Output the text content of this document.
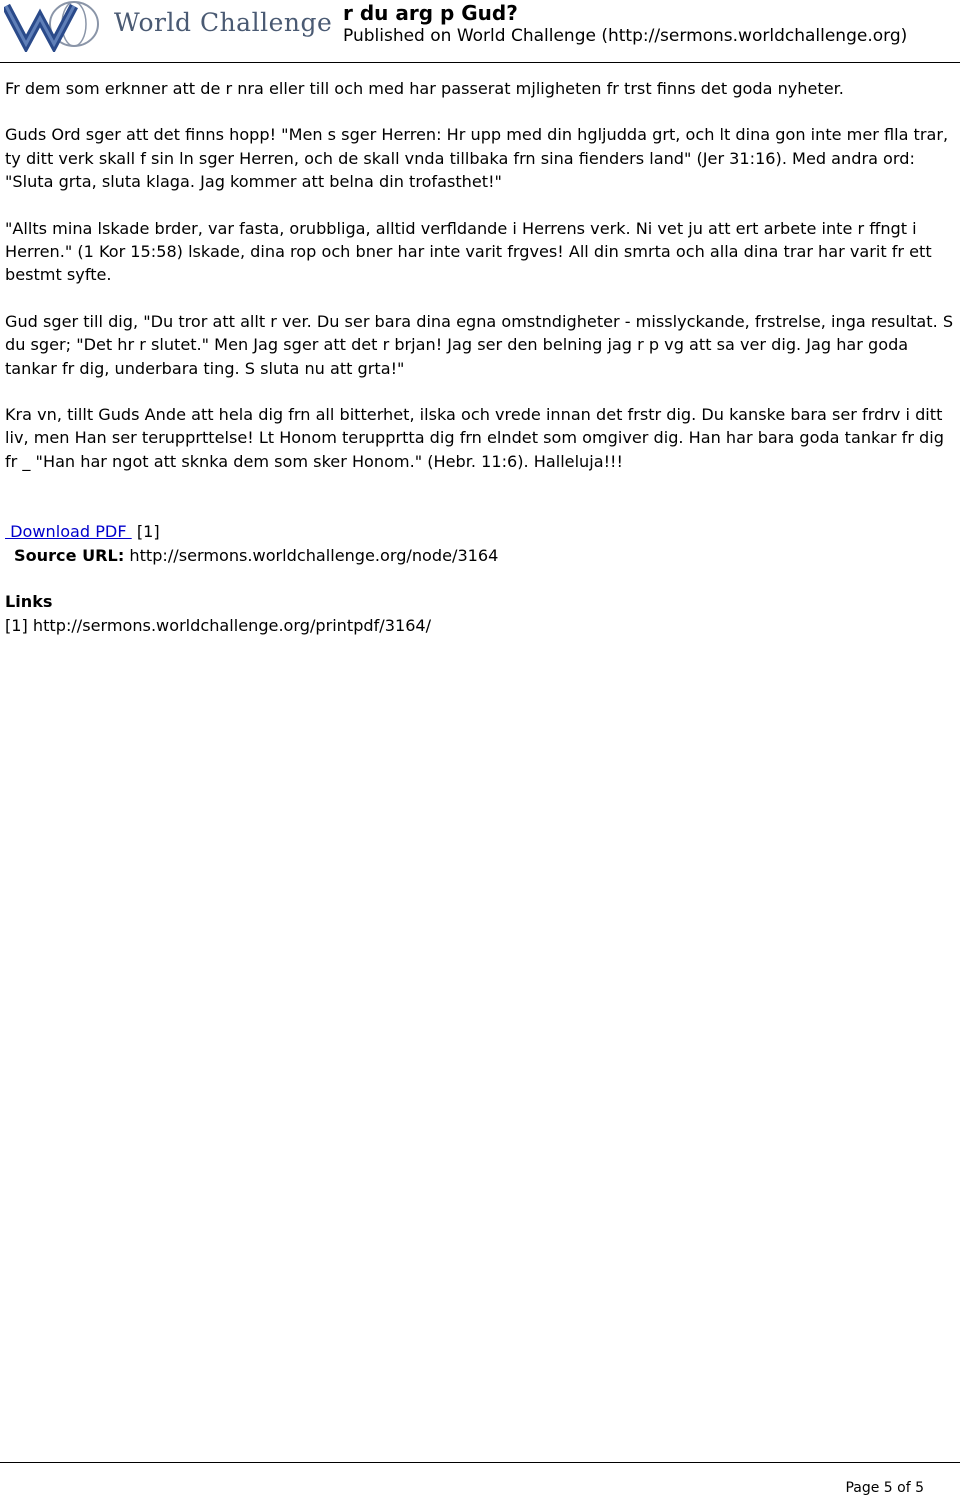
World Challenge r du arg p Gud?
Published on World Challenge (http://sermons.worldchallenge.org)

Fr dem som erknner att de r nra eller till och med har passerat mjligheten fr trst finns det goda nyheter.

Guds Ord sger att det finns hopp! "Men s sger Herren: Hr upp med din hgljudda grt, och lt dina gon inte mer flla trar, ty ditt verk skall f sin ln sger Herren, och de skall vnda tillbaka frn sina fienders land" (Jer 31:16). Med andra ord: "Sluta grta, sluta klaga. Jag kommer att belna din trofasthet!"

"Allts mina lskade brder, var fasta, orubbliga, alltid verfldande i Herrens verk. Ni vet ju att ert arbete inte r ffngt i Herren." (1 Kor 15:58) lskade, dina rop och bner har inte varit frgves! All din smrta och alla dina trar har varit fr ett bestmt syfte.

Gud sger till dig, "Du tror att allt r ver. Du ser bara dina egna omstndigheter - misslyckande, frstrelse, inga resultat. S du sger; "Det hr r slutet." Men Jag sger att det r brjan! Jag ser den belning jag r p vg att sa ver dig. Jag har goda tankar fr dig, underbara ting. S sluta nu att grta!"

Kra vn, tillt Guds Ande att hela dig frn all bitterhet, ilska och vrede innan det frstr dig. Du kanske bara ser frdrv i ditt liv, men Han ser terupprttelse! Lt Honom terupprtta dig frn elndet som omgiver dig. Han har bara goda tankar fr dig fr _ "Han har ngot att sknka dem som sker Honom." (Hebr. 11:6). Halleluja!!!

Download PDF  [1]
Source URL: http://sermons.worldchallenge.org/node/3164
Links
[1] http://sermons.worldchallenge.org/printpdf/3164/
Page 5 of 5
